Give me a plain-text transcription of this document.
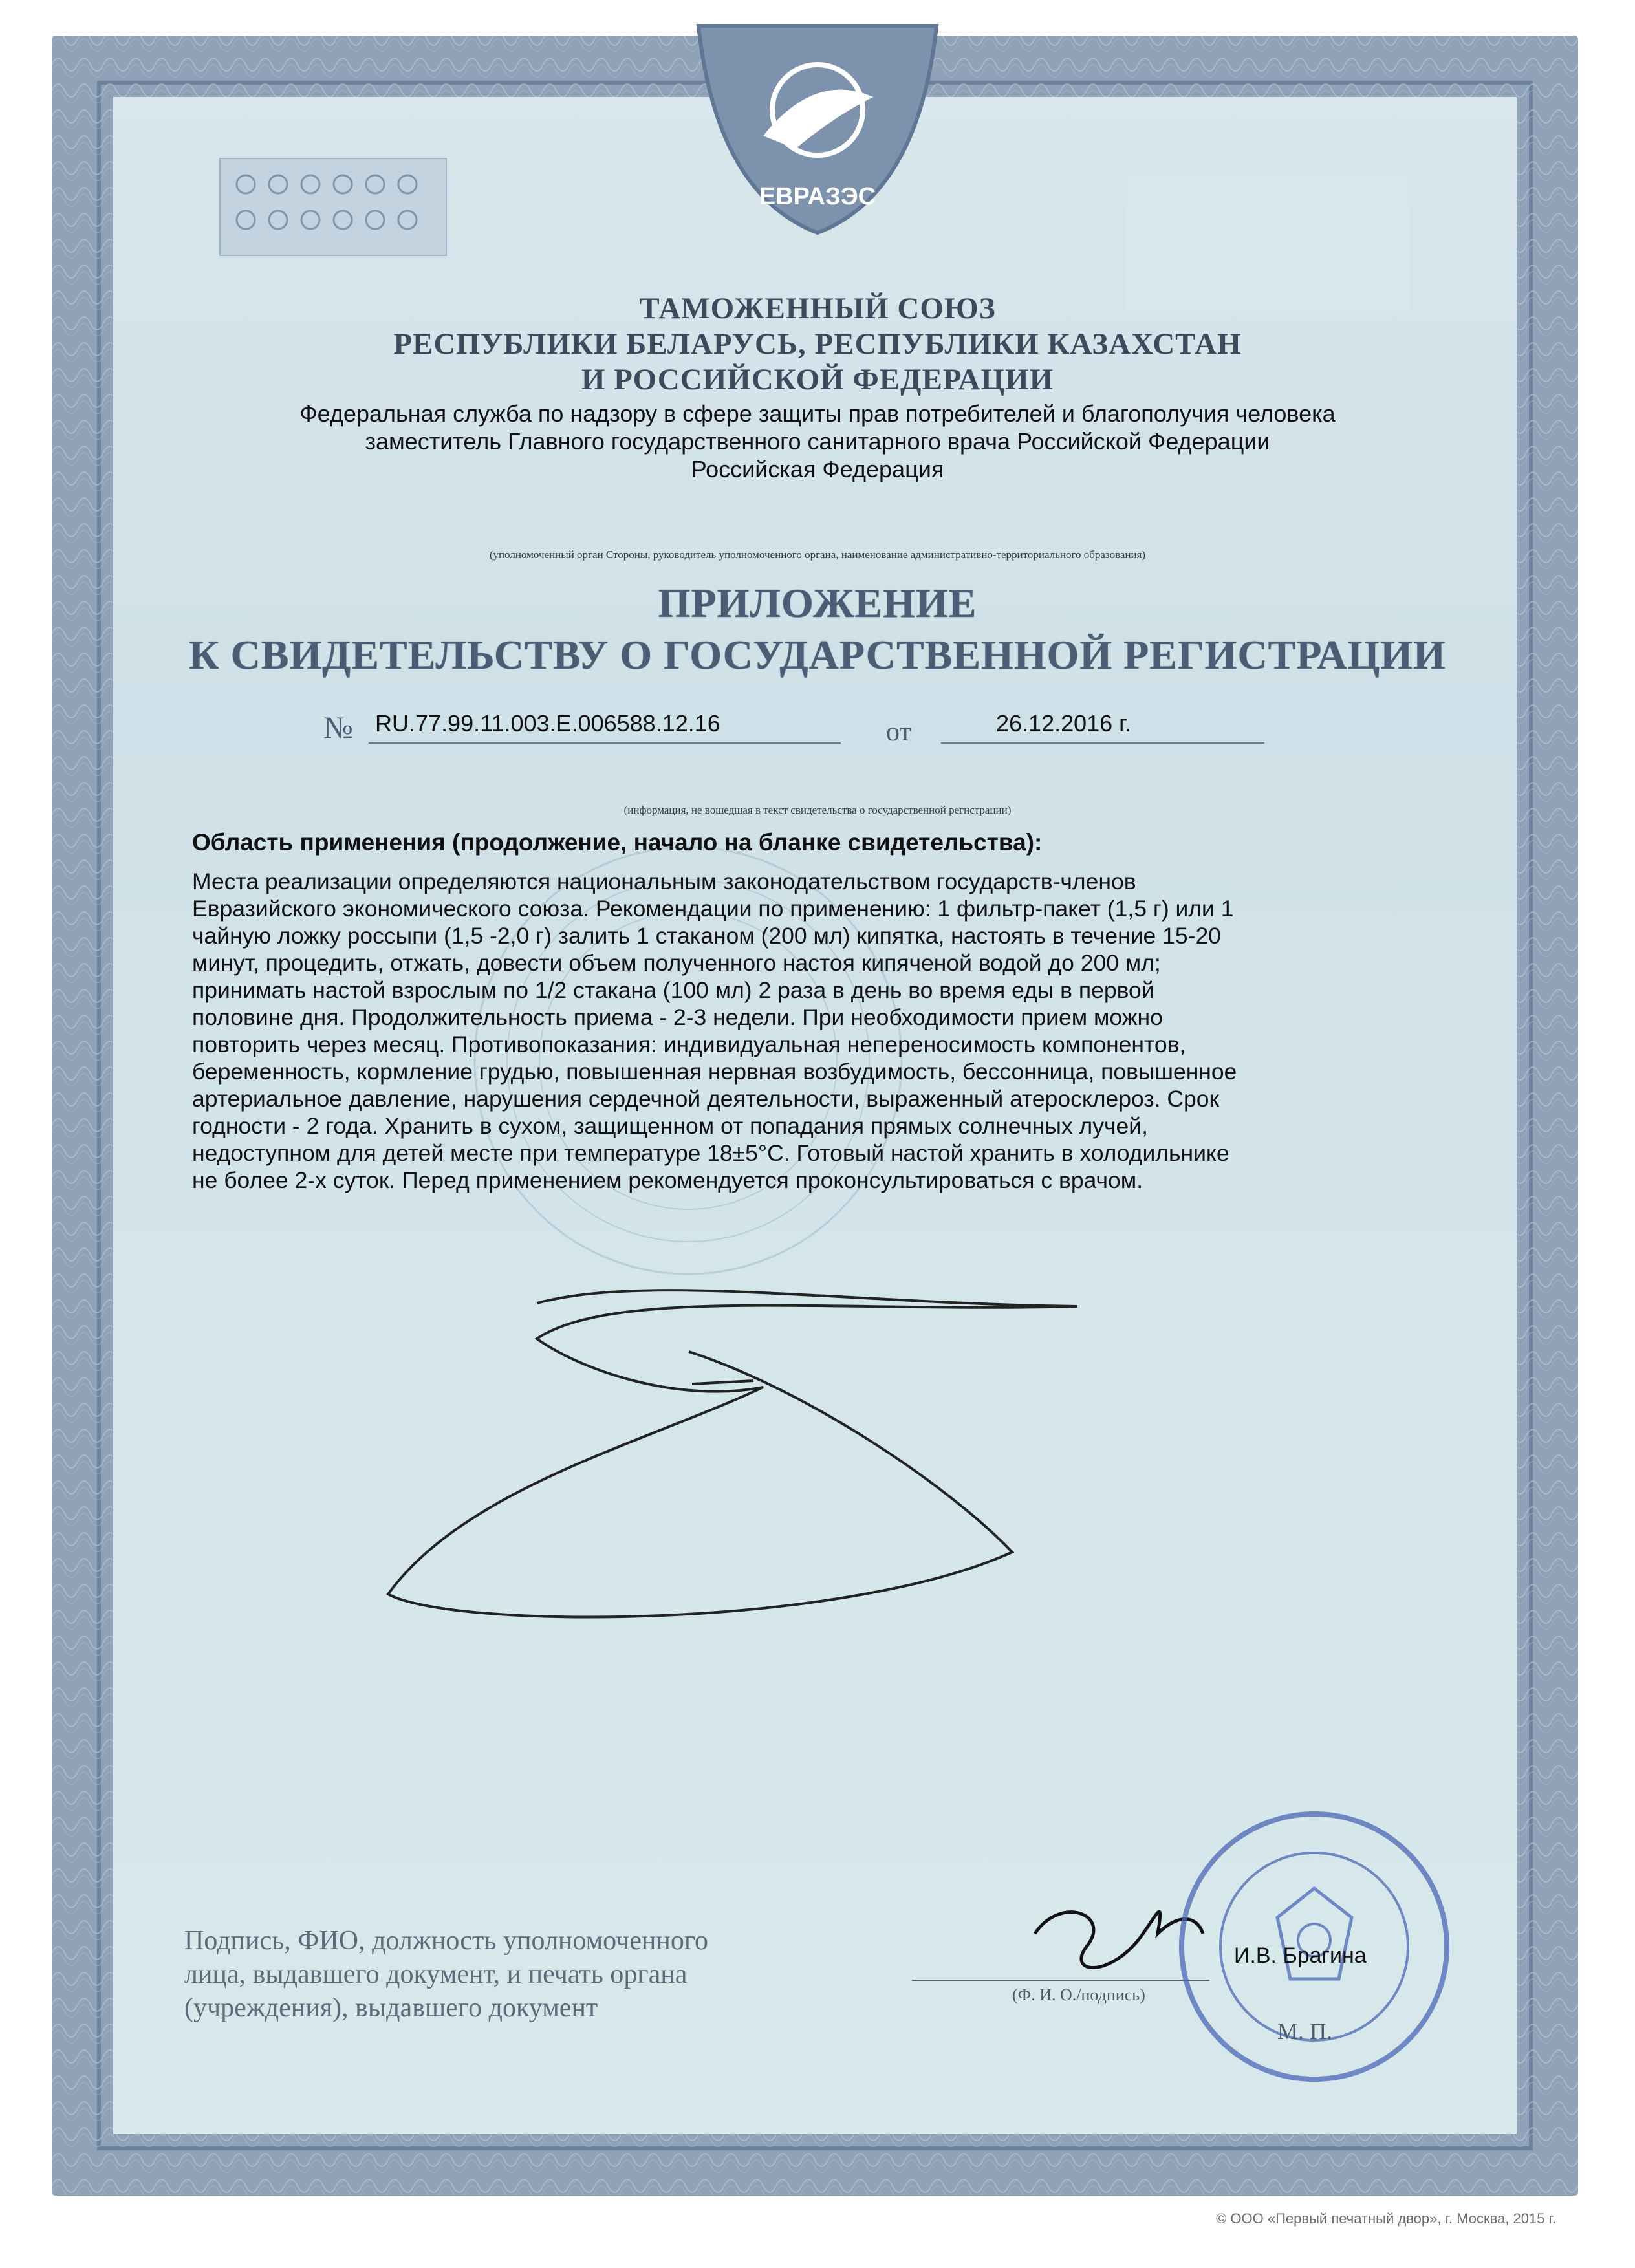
ЕВРАЗЭС
ТАМОЖЕННЫЙ СОЮЗ
РЕСПУБЛИКИ БЕЛАРУСЬ, РЕСПУБЛИКИ КАЗАХСТАН
И РОССИЙСКОЙ ФЕДЕРАЦИИ
Федеральная служба по надзору в сфере защиты прав потребителей и благополучия человека
заместитель Главного государственного санитарного врача Российской Федерации
Российская Федерация
(уполномоченный орган Стороны, руководитель уполномоченного органа, наименование административно-территориального образования)
ПРИЛОЖЕНИЕ
К СВИДЕТЕЛЬСТВУ О ГОСУДАРСТВЕННОЙ РЕГИСТРАЦИИ
№ RU.77.99.11.003.E.006588.12.16	от	26.12.2016 г.
(информация, не вошедшая в текст свидетельства о государственной регистрации)
Область применения (продолжение, начало на бланке свидетельства):
Места реализации определяются национальным законодательством государств-членов
Евразийского экономического союза. Рекомендации по применению: 1 фильтр-пакет (1,5 г) или 1
чайную ложку россыпи (1,5 -2,0 г) залить 1 стаканом (200 мл) кипятка, настоять в течение 15-20
минут, процедить, отжать, довести объем полученного настоя кипяченой водой до 200 мл;
принимать настой взрослым по 1/2 стакана (100 мл) 2 раза в день во время еды в первой
половине дня. Продолжительность приема - 2-3 недели. При необходимости прием можно
повторить через месяц. Противопоказания: индивидуальная непереносимость компонентов,
беременность, кормление грудью, повышенная нервная возбудимость, бессонница, повышенное
артериальное давление, нарушения сердечной деятельности, выраженный атеросклероз. Срок
годности - 2 года. Хранить в сухом, защищенном от попадания прямых солнечных лучей,
недоступном для детей месте при температуре 18±5°С. Готовый настой хранить в холодильнике
не более 2-х суток. Перед применением рекомендуется проконсультироваться с врачом.
Подпись, ФИО, должность уполномоченного
лица, выдавшего документ, и печать органа
(учреждения), выдавшего документ
И.В. Брагина
(Ф. И. О./подпись)
М. П.
© ООО «Первый печатный двор», г. Москва, 2015 г.
